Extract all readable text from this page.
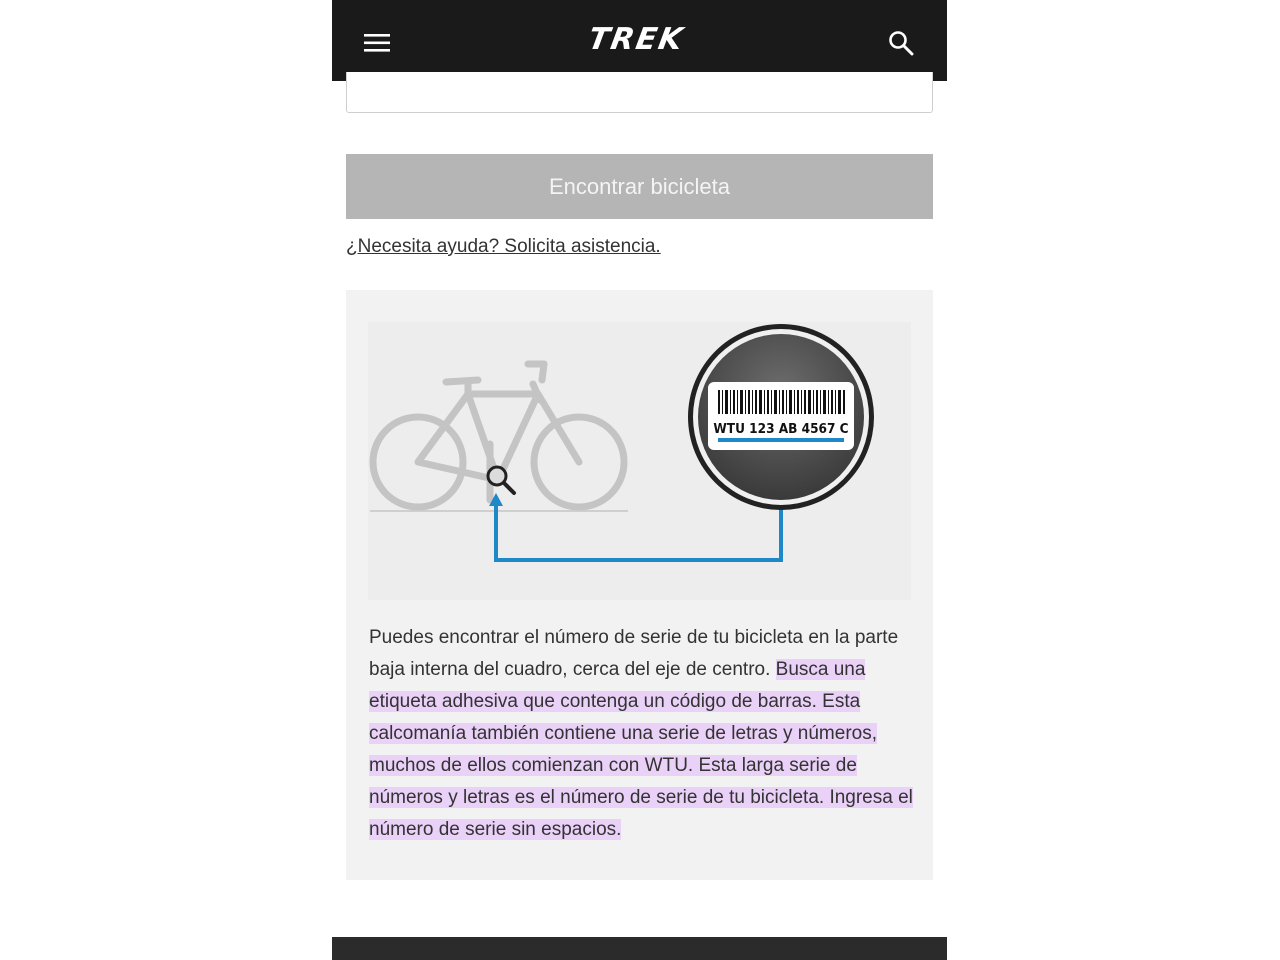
TREK
Encontrar bicicleta
¿Necesita ayuda? Solicita asistencia.
WTU 123 AB 4567 C

Puedes encontrar el número de serie de tu bicicleta en la parte baja interna del cuadro, cerca del eje de centro. Busca una etiqueta adhesiva que contenga un código de barras. Esta calcomanía también contiene una serie de letras y números, muchos de ellos comienzan con WTU. Esta larga serie de números y letras es el número de serie de tu bicicleta. Ingresa el número de serie sin espacios.
